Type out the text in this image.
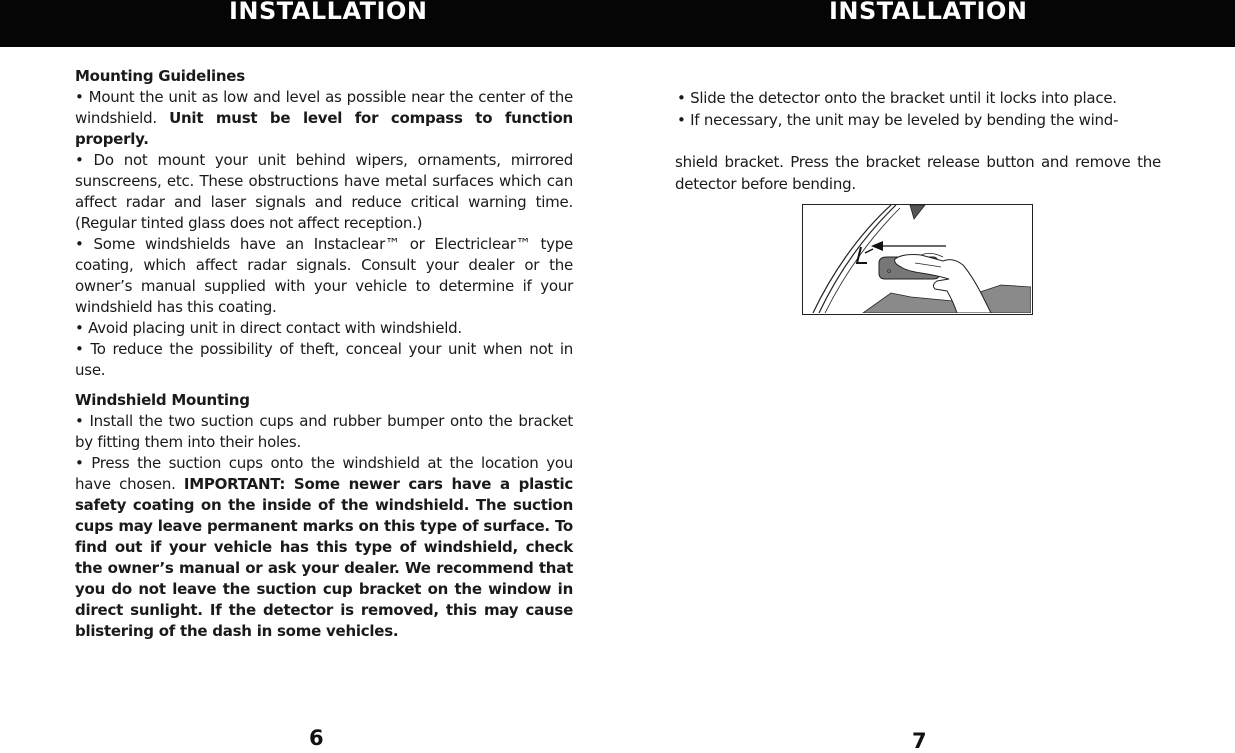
INSTALLATION	INSTALLATION

Mounting Guidelines

• Mount the unit as low and level as possible near the center of the windshield. Unit must be level for compass to function properly.

• Do not mount your unit behind wipers, ornaments, mirrored sunscreens, etc. These obstructions have metal surfaces which can affect radar and laser signals and reduce critical warning time. (Regular tinted glass does not affect reception.)

• Some windshields have an Instaclear™ or Electriclear™ type coating, which affect radar signals. Consult your dealer or the owner’s manual supplied with your vehicle to determine if your windshield has this coating.

• Avoid placing unit in direct contact with windshield.

• To reduce the possibility of theft, conceal your unit when not in use.

Windshield Mounting

• Install the two suction cups and rubber bumper onto the bracket by fitting them into their holes.

• Press the suction cups onto the windshield at the location you have chosen. IMPORTANT: Some newer cars have a plastic safety coating on the inside of the windshield. The suction cups may leave permanent marks on this type of surface. To find out if your vehicle has this type of windshield, check the owner’s manual or ask your dealer. We recommend that you do not leave the suction cup bracket on the window in direct sunlight. If the detector is removed, this may cause blistering of the dash in some vehicles.

• Slide the detector onto the bracket until it locks into place.

• If necessary, the unit may be leveled by bending the wind-

shield bracket. Press the bracket release button and remove the detector before bending.

6	7
